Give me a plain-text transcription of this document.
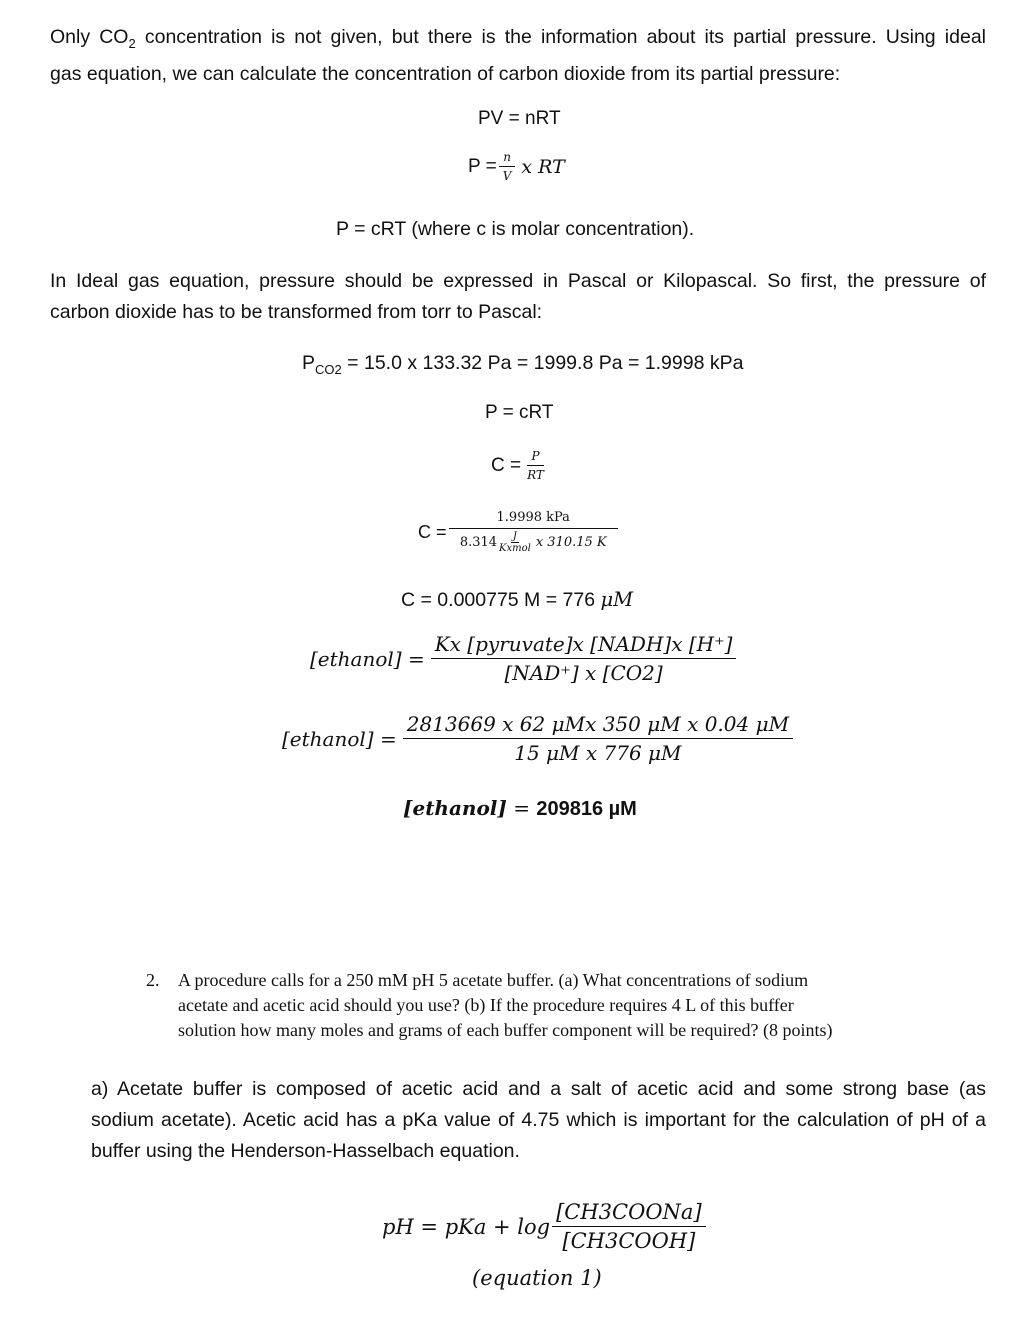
Only $CO_2$ concentration is not given, but there is the information about its partial pressure. Using ideal
gas equation, we can calculate the concentration of carbon dioxide from its partial pressure:
PV = nRT
$P = \frac{n}{V}$ x RT
P = cRT (where c is molar concentration).
In Ideal gas equation, pressure should be expressed in Pascal or Kilopascal. So first, the pressure of
carbon dioxide has to be transformed from torr to Pascal:
$P_{CO2} = 15.0$ x 133.32 Pa = 1999.8 Pa = 1.9998 kPa
P = cRT
$C = \frac{P}{RT}$
$C = \frac{\text{1.9998 kPa}}{8.314 \frac{J}{\text{Kxmol}} x 310.15 K}$
C = 0.000775 M = 776 μM
[ethanol] = $\frac{\text{Kx [pyruvate]x [NADH]x [H⁺]}}{\text{[NAD⁺] x [CO2]}}$
[ethanol] = $\frac{\text{2813669 x 62 μMx 350 μM x 0.04 μM}}{\text{15 μM x 776 μM}}$
[ethanol] = 209816 µM
2. A procedure calls for a 250 mM pH 5 acetate buffer. (a) What concentrations of sodium
acetate and acetic acid should you use? (b) If the procedure requires 4 L of this buffer
solution how many moles and grams of each buffer component will be required? (8 points)
a) Acetate buffer is composed of acetic acid and a salt of acetic acid and some strong base (as
sodium acetate). Acetic acid has a pKa value of 4.75 which is important for the calculation of pH of a
buffer using the Henderson-Hasselbach equation.
pH = pKa + $\log \frac{\text{[CH3COONa]}}{\text{[CH3COOH]}}$
(equation 1)
